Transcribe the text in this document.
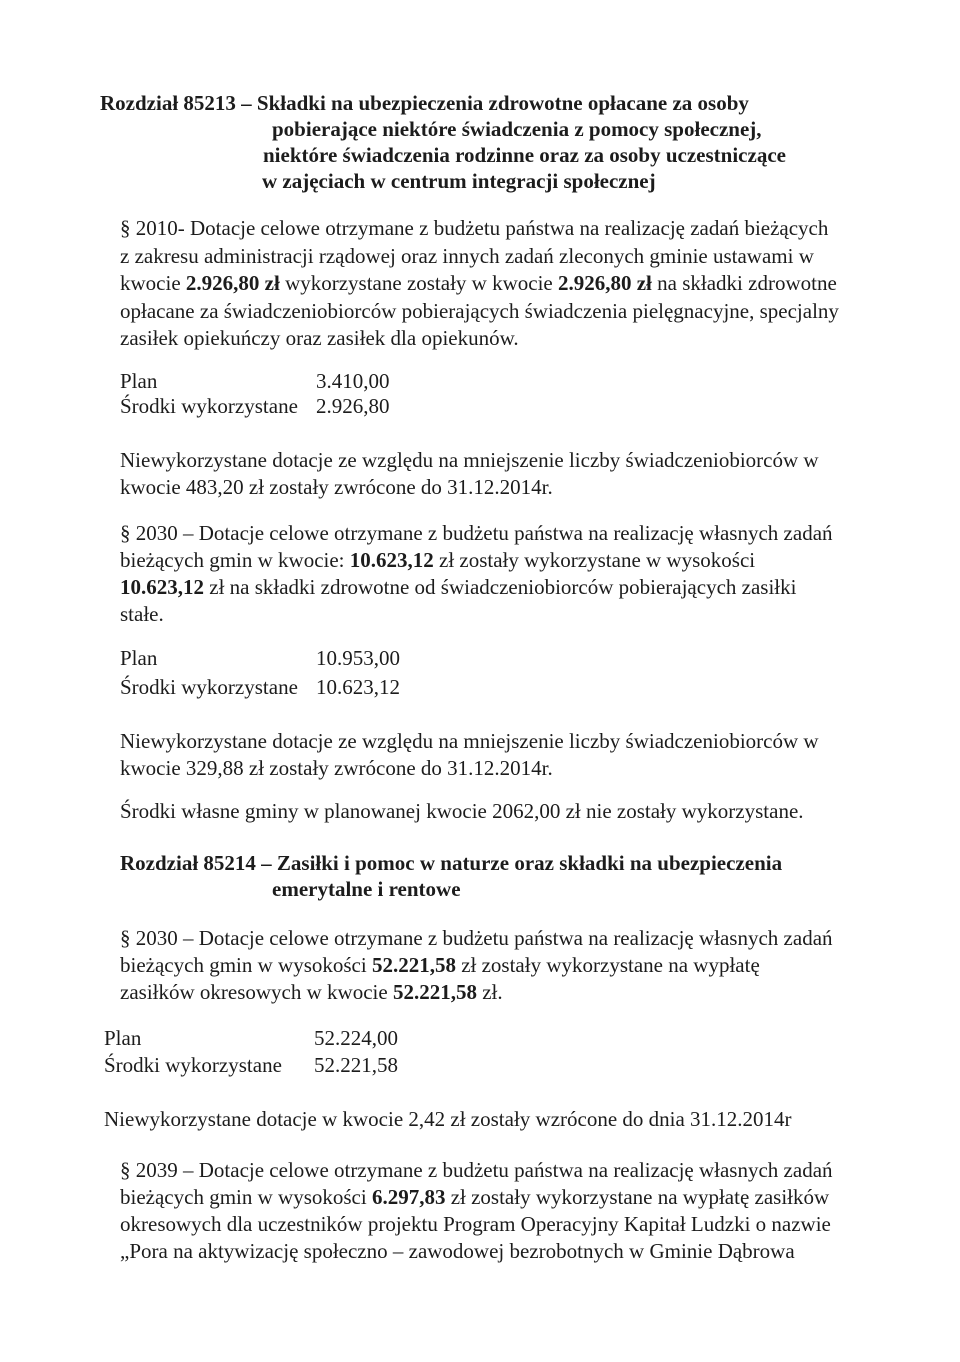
Rozdział 85213 – Składki na ubezpieczenia zdrowotne opłacane za osoby
pobierające niektóre świadczenia z pomocy społecznej,
niektóre świadczenia rodzinne oraz za osoby uczestniczące
w zajęciach w centrum integracji społecznej
§ 2010- Dotacje celowe otrzymane z budżetu państwa na realizację zadań bieżących
z zakresu administracji rządowej oraz innych zadań zleconych gminie ustawami w
kwocie 2.926,80 zł wykorzystane zostały w kwocie 2.926,80 zł na składki zdrowotne
opłacane za świadczeniobiorców pobierających świadczenia pielęgnacyjne, specjalny
zasiłek opiekuńczy oraz zasiłek dla opiekunów.
Plan	3.410,00
Środki wykorzystane 2.926,80
Niewykorzystane dotacje ze względu na mniejszenie liczby świadczeniobiorców w
kwocie 483,20 zł zostały zwrócone do 31.12.2014r.
§ 2030 – Dotacje celowe otrzymane z budżetu państwa na realizację własnych zadań
bieżących gmin w kwocie: 10.623,12 zł zostały wykorzystane w wysokości
10.623,12 zł na składki zdrowotne od świadczeniobiorców pobierających zasiłki
stałe.
Plan	10.953,00
Środki wykorzystane 10.623,12
Niewykorzystane dotacje ze względu na mniejszenie liczby świadczeniobiorców w
kwocie 329,88 zł zostały zwrócone do 31.12.2014r.
Środki własne gminy w planowanej kwocie 2062,00 zł nie zostały wykorzystane.
Rozdział 85214 – Zasiłki i pomoc w naturze oraz składki na ubezpieczenia
emerytalne i rentowe
§ 2030 – Dotacje celowe otrzymane z budżetu państwa na realizację własnych zadań
bieżących gmin w wysokości 52.221,58 zł zostały wykorzystane na wypłatę
zasiłków okresowych w kwocie 52.221,58 zł.
Plan	52.224,00
Środki wykorzystane 52.221,58
Niewykorzystane dotacje w kwocie 2,42 zł zostały wzrócone do dnia 31.12.2014r
§ 2039 – Dotacje celowe otrzymane z budżetu państwa na realizację własnych zadań
bieżących gmin w wysokości 6.297,83 zł zostały wykorzystane na wypłatę zasiłków
okresowych dla uczestników projektu Program Operacyjny Kapitał Ludzki o nazwie
„Pora na aktywizację społeczno – zawodowej bezrobotnych w Gminie Dąbrowa
